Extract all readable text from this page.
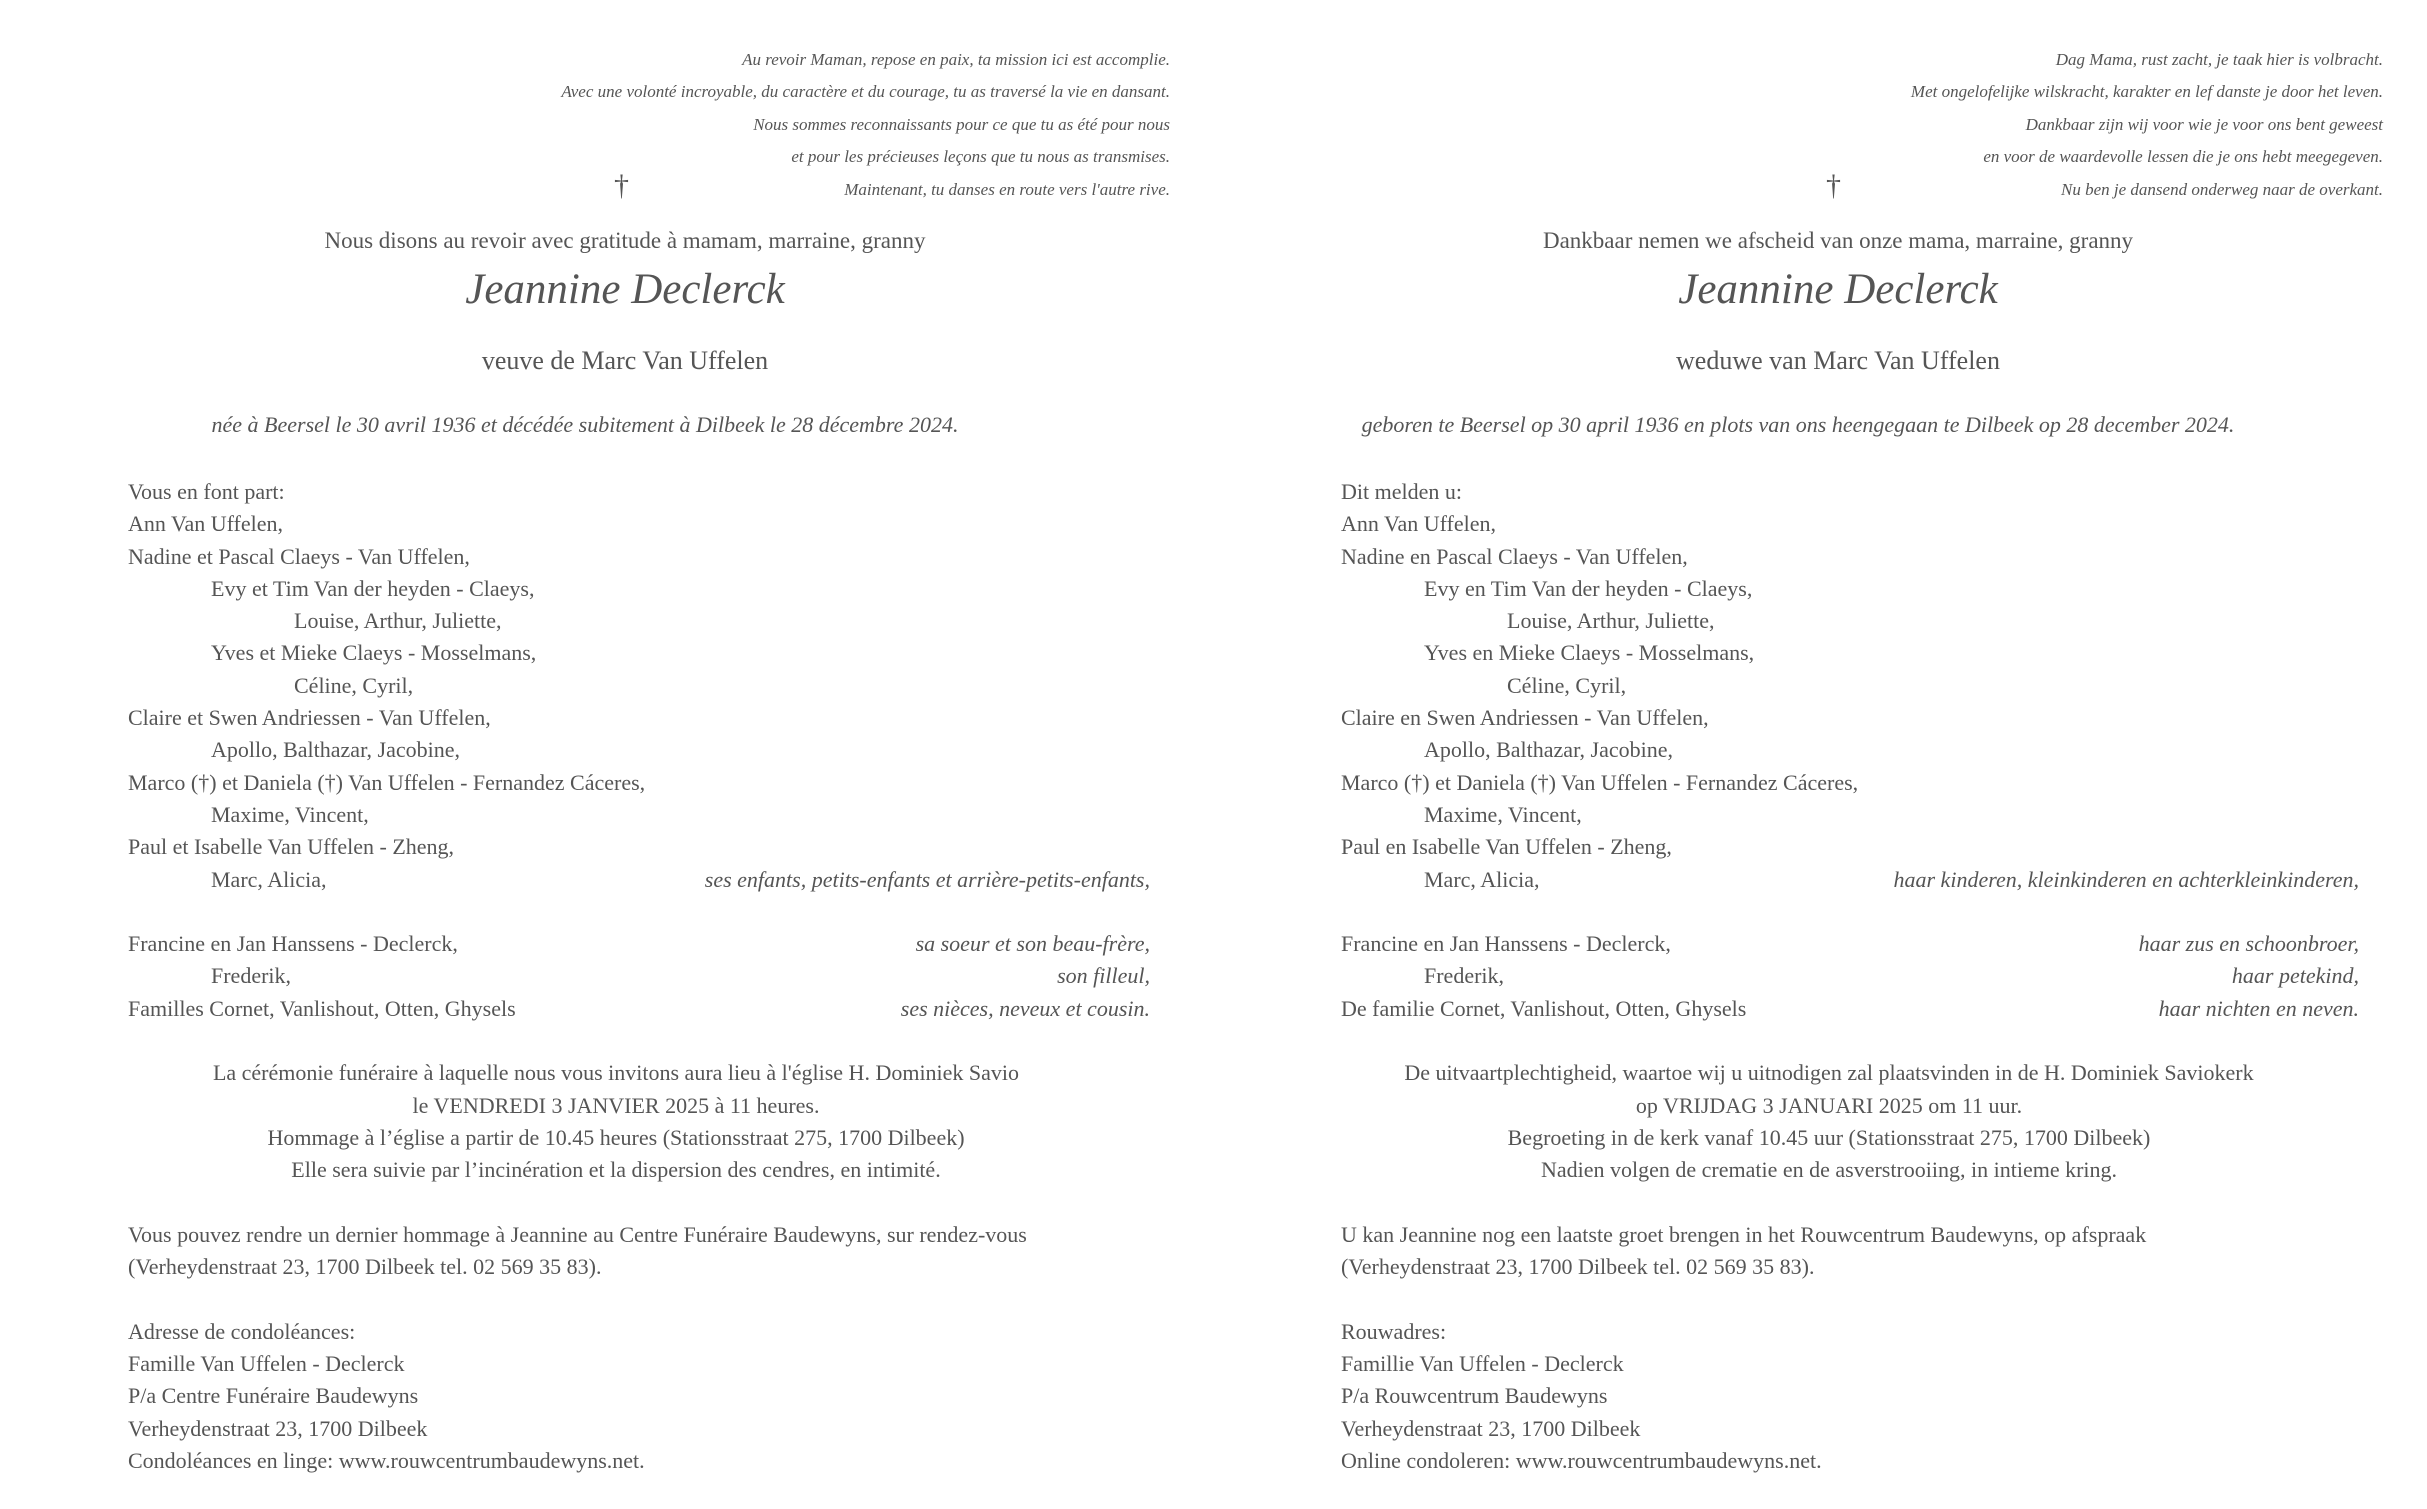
Au revoir Maman, repose en paix, ta mission ici est accomplie.
Avec une volonté incroyable, du caractère et du courage, tu as traversé la vie en dansant.
Nous sommes reconnaissants pour ce que tu as été pour nous
et pour les précieuses leçons que tu nous as transmises.
Maintenant, tu danses en route vers l'autre rive.
†
Nous disons au revoir avec gratitude à mamam, marraine, granny
Jeannine Declerck
veuve de Marc Van Uffelen
née à Beersel le 30 avril 1936 et décédée subitement à Dilbeek le 28 décembre 2024.
Vous en font part:
Ann Van Uffelen,
Nadine et Pascal Claeys - Van Uffelen,
Evy et Tim Van der heyden - Claeys,
Louise, Arthur, Juliette,
Yves et Mieke Claeys - Mosselmans,
Céline, Cyril,
Claire et Swen Andriessen - Van Uffelen,
Apollo, Balthazar, Jacobine,
Marco (†) et Daniela (†) Van Uffelen - Fernandez Cáceres,
Maxime, Vincent,
Paul et Isabelle Van Uffelen - Zheng,
Marc, Alicia,	ses enfants, petits-enfants et arrière-petits-enfants,
Francine en Jan Hanssens - Declerck,	sa soeur et son beau-frère,
Frederik,	son filleul,
Familles Cornet, Vanlishout, Otten, Ghysels	ses nièces, neveux et cousin.
La cérémonie funéraire à laquelle nous vous invitons aura lieu à l'église H. Dominiek Savio
le VENDREDI 3 JANVIER 2025 à 11 heures.
Hommage à l’église a partir de 10.45 heures (Stationsstraat 275, 1700 Dilbeek)
Elle sera suivie par l’incinération et la dispersion des cendres, en intimité.
Vous pouvez rendre un dernier hommage à Jeannine au Centre Funéraire Baudewyns, sur rendez-vous
(Verheydenstraat 23, 1700 Dilbeek tel. 02 569 35 83).
Adresse de condoléances:
Famille Van Uffelen - Declerck
P/a Centre Funéraire Baudewyns
Verheydenstraat 23, 1700 Dilbeek
Condoléances en linge: www.rouwcentrumbaudewyns.net.
Dag Mama, rust zacht, je taak hier is volbracht.
Met ongelofelijke wilskracht, karakter en lef danste je door het leven.
Dankbaar zijn wij voor wie je voor ons bent geweest
en voor de waardevolle lessen die je ons hebt meegegeven.
Nu ben je dansend onderweg naar de overkant.
†
Dankbaar nemen we afscheid van onze mama, marraine, granny
Jeannine Declerck
weduwe van Marc Van Uffelen
geboren te Beersel op 30 april 1936 en plots van ons heengegaan te Dilbeek op 28 december 2024.
Dit melden u:
Ann Van Uffelen,
Nadine en Pascal Claeys - Van Uffelen,
Evy en Tim Van der heyden - Claeys,
Louise, Arthur, Juliette,
Yves en Mieke Claeys - Mosselmans,
Céline, Cyril,
Claire en Swen Andriessen - Van Uffelen,
Apollo, Balthazar, Jacobine,
Marco (†) et Daniela (†) Van Uffelen - Fernandez Cáceres,
Maxime, Vincent,
Paul en Isabelle Van Uffelen - Zheng,
Marc, Alicia,	haar kinderen, kleinkinderen en achterkleinkinderen,
Francine en Jan Hanssens - Declerck,	haar zus en schoonbroer,
Frederik,	haar petekind,
De familie Cornet, Vanlishout, Otten, Ghysels	haar nichten en neven.
De uitvaartplechtigheid, waartoe wij u uitnodigen zal plaatsvinden in de H. Dominiek Saviokerk
op VRIJDAG 3 JANUARI 2025 om 11 uur.
Begroeting in de kerk vanaf 10.45 uur (Stationsstraat 275, 1700 Dilbeek)
Nadien volgen de crematie en de asverstrooiing, in intieme kring.
U kan Jeannine nog een laatste groet brengen in het Rouwcentrum Baudewyns, op afspraak
(Verheydenstraat 23, 1700 Dilbeek tel. 02 569 35 83).
Rouwadres:
Famillie Van Uffelen - Declerck
P/a Rouwcentrum Baudewyns
Verheydenstraat 23, 1700 Dilbeek
Online condoleren: www.rouwcentrumbaudewyns.net.
